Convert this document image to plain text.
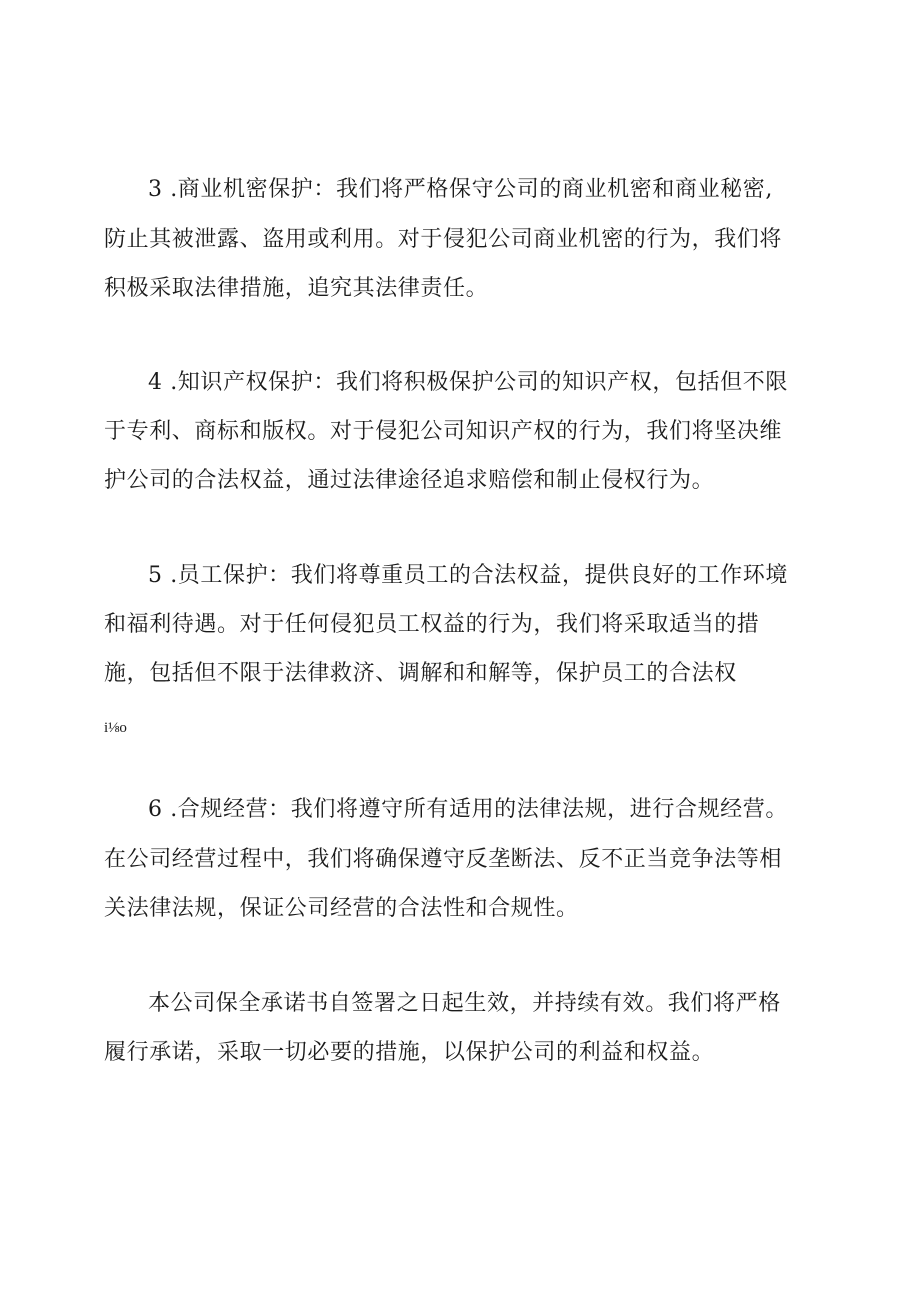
3 .商业机密保护：我们将严格保守公司的商业机密和商业秘密,
防止其被泄露、盗用或利用。对于侵犯公司商业机密的行为，我们将
积极采取法律措施，追究其法律责任。
4 .知识产权保护：我们将积极保护公司的知识产权，包括但不限
于专利、商标和版权。对于侵犯公司知识产权的行为，我们将坚决维
护公司的合法权益，通过法律途径追求赔偿和制止侵权行为。
5 .员工保护：我们将尊重员工的合法权益，提供良好的工作环境
和福利待遇。对于任何侵犯员工权益的行为，我们将采取适当的措
施，包括但不限于法律救济、调解和和解等，保护员工的合法权
i⅛o
6 .合规经营：我们将遵守所有适用的法律法规，进行合规经营。
在公司经营过程中，我们将确保遵守反垄断法、反不正当竞争法等相
关法律法规，保证公司经营的合法性和合规性。
本公司保全承诺书自签署之日起生效，并持续有效。我们将严格
履行承诺，采取一切必要的措施，以保护公司的利益和权益。
